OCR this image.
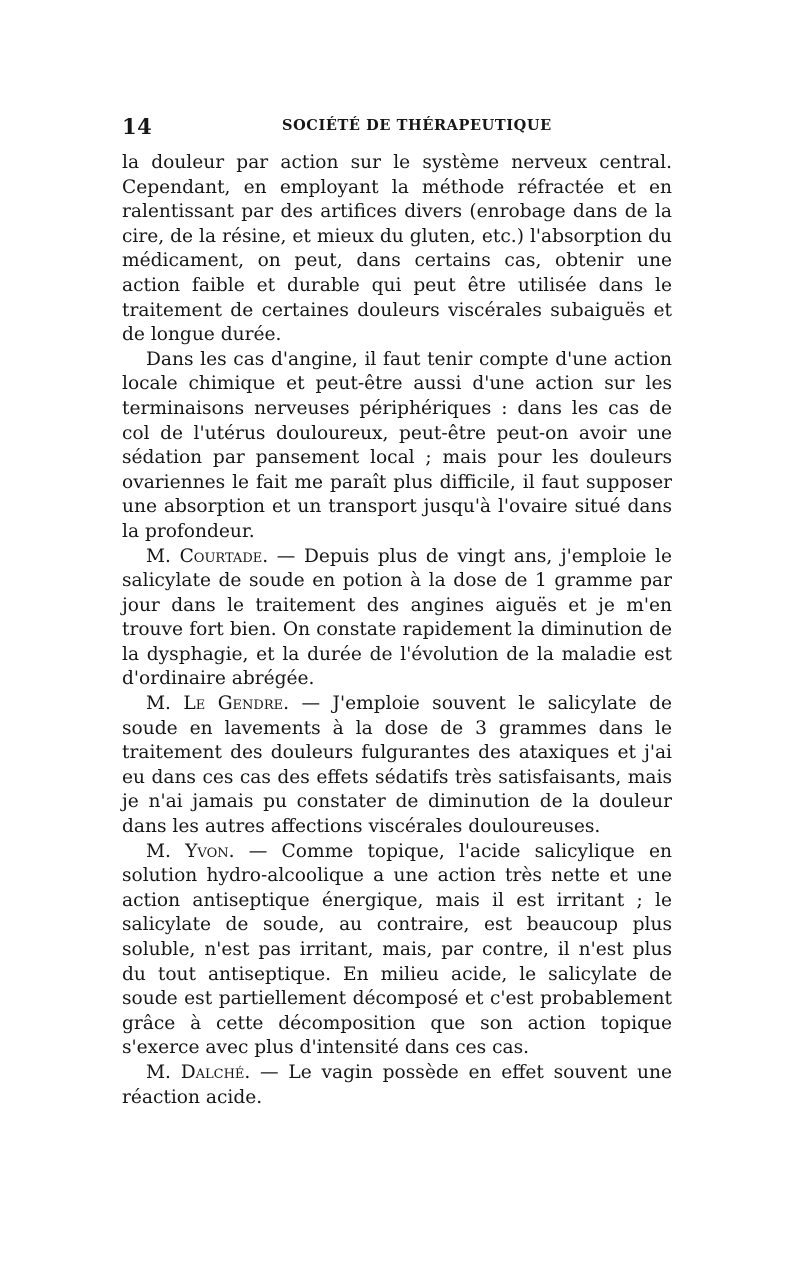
14	SOCIÉTÉ DE THÉRAPEUTIQUE

la douleur par action sur le système nerveux central. Cependant, en employant la méthode réfractée et en ralentissant par des artifices divers (enrobage dans de la cire, de la résine, et mieux du gluten, etc.) l'absorption du médicament, on peut, dans certains cas, obtenir une action faible et durable qui peut être utilisée dans le traitement de certaines douleurs viscérales subaiguës et de longue durée.

Dans les cas d'angine, il faut tenir compte d'une action locale chimique et peut-être aussi d'une action sur les terminaisons nerveuses périphériques : dans les cas de col de l'utérus douloureux, peut-être peut-on avoir une sédation par pansement local ; mais pour les douleurs ovariennes le fait me paraît plus difficile, il faut supposer une absorption et un transport jusqu'à l'ovaire situé dans la profondeur.

M. Courtade. — Depuis plus de vingt ans, j'emploie le salicylate de soude en potion à la dose de 1 gramme par jour dans le traitement des angines aiguës et je m'en trouve fort bien. On constate rapidement la diminution de la dysphagie, et la durée de l'évolution de la maladie est d'ordinaire abrégée.

M. Le Gendre. — J'emploie souvent le salicylate de soude en lavements à la dose de 3 grammes dans le traitement des douleurs fulgurantes des ataxiques et j'ai eu dans ces cas des effets sédatifs très satisfaisants, mais je n'ai jamais pu constater de diminution de la douleur dans les autres affections viscérales douloureuses.

M. Yvon. — Comme topique, l'acide salicylique en solution hydro-alcoolique a une action très nette et une action antiseptique énergique, mais il est irritant ; le salicylate de soude, au contraire, est beaucoup plus soluble, n'est pas irritant, mais, par contre, il n'est plus du tout antiseptique. En milieu acide, le salicylate de soude est partiellement décomposé et c'est probablement grâce à cette décomposition que son action topique s'exerce avec plus d'intensité dans ces cas.

M. Dalché. — Le vagin possède en effet souvent une réaction acide.
